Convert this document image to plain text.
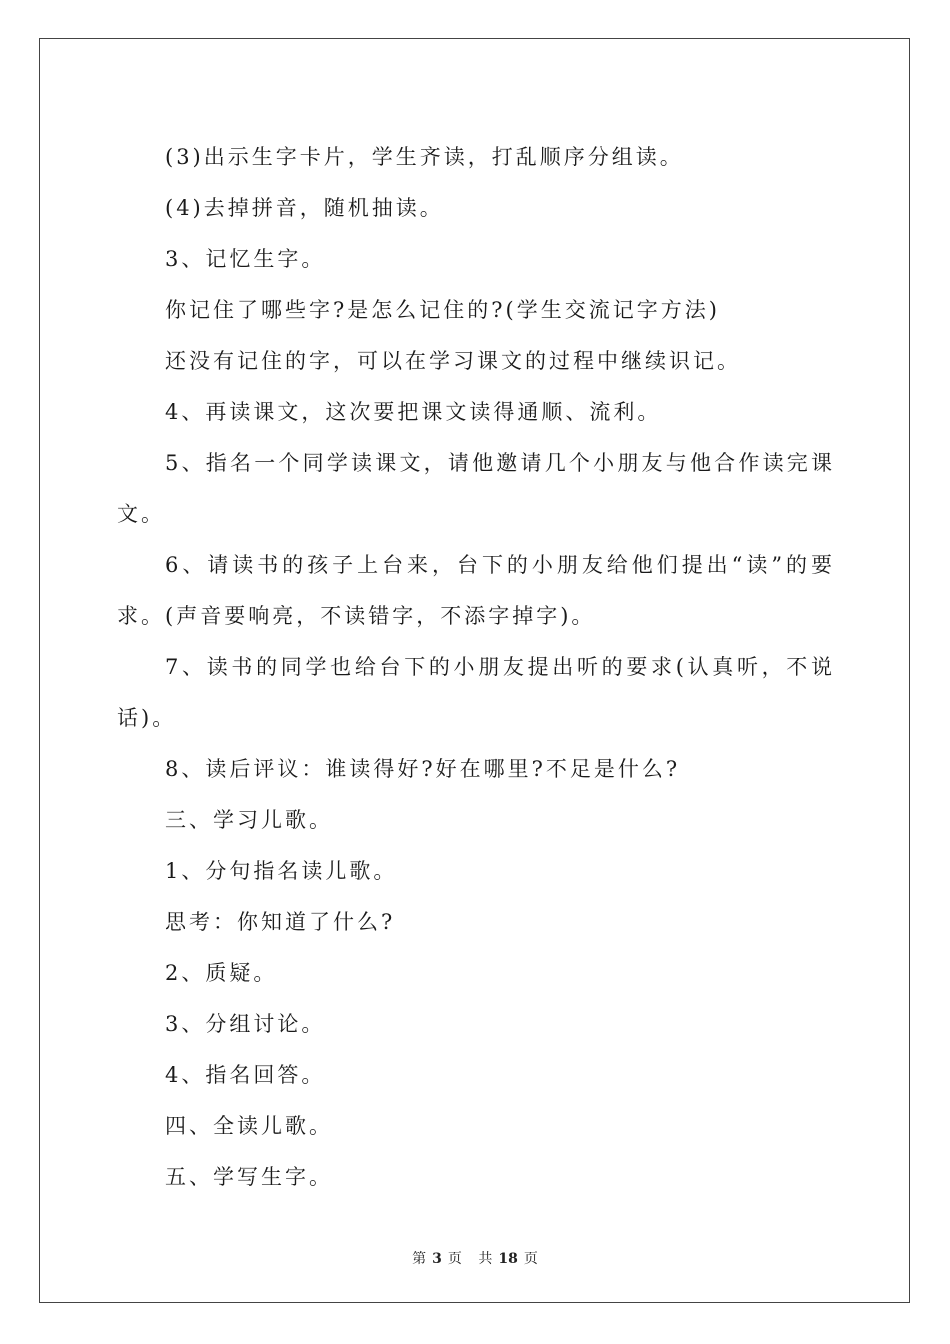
(3)出示生字卡片，学生齐读，打乱顺序分组读。

(4)去掉拼音，随机抽读。

3、记忆生字。

你记住了哪些字?是怎么记住的?(学生交流记字方法)

还没有记住的字，可以在学习课文的过程中继续识记。

4、再读课文，这次要把课文读得通顺、流利。

5、指名一个同学读课文，请他邀请几个小朋友与他合作读完课文。

6、请读书的孩子上台来，台下的小朋友给他们提出“读”的要求。(声音要响亮，不读错字，不添字掉字)。

7、读书的同学也给台下的小朋友提出听的要求(认真听，不说话)。

8、读后评议：谁读得好?好在哪里?不足是什么?

三、学习儿歌。

1、分句指名读儿歌。

思考：你知道了什么?

2、质疑。

3、分组讨论。

4、指名回答。

四、全读儿歌。

五、学写生字。

第 3 页 共 18 页
